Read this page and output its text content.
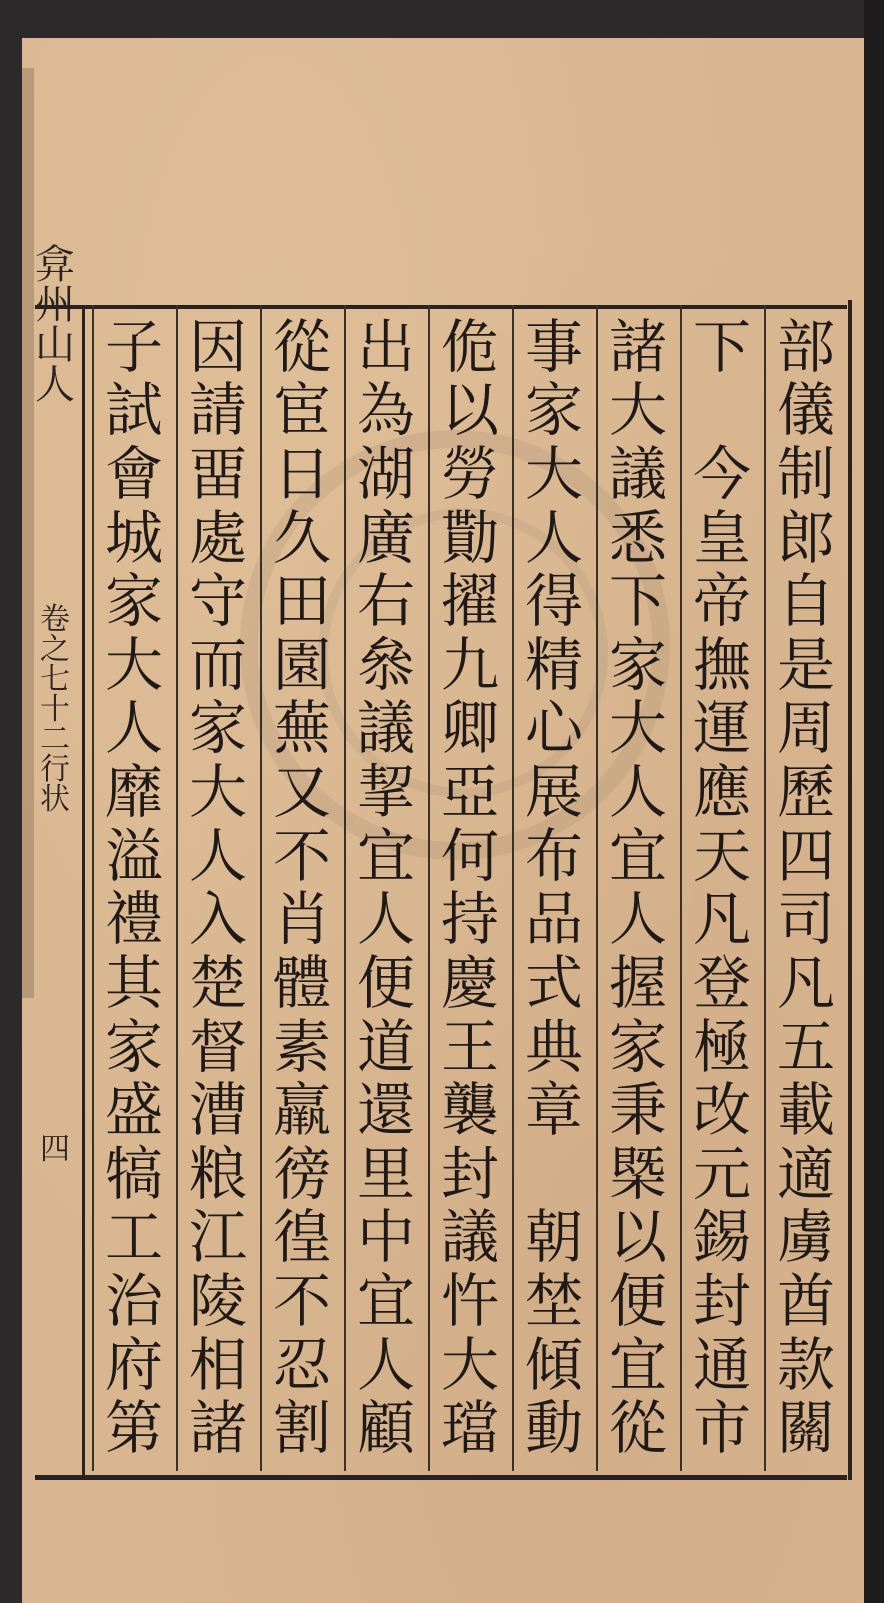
弇
州
山
人
卷
之
七
十
二
行
状
四
部
儀
制
郎
自
是
周
歷
四
司
凡
五
載
適
虜
酋
款
關
下
今
皇
帝
撫
運
應
天
凡
登
極
改
元
錫
封
通
市
諸
大
議
悉
下
家
大
人
宜
人
握
家
秉
槩
以
便
宜
從
事
家
大
人
得
精
心
展
布
品
式
典
章
朝
埜
傾
動
佹
以
勞
勩
擢
九
卿
亞
何
持
慶
王
襲
封
議
忤
大
璫
出
為
湖
廣
右
叅
議
挈
宜
人
便
道
還
里
中
宜
人
顧
從
宦
日
久
田
園
蕪
又
不
肖
體
素
羸
徬
徨
不
忍
割
因
請
畱
處
守
而
家
大
人
入
楚
督
漕
粮
江
陵
相
諸
子
試
會
城
家
大
人
靡
溢
禮
其
家
盛
犒
工
治
府
第
